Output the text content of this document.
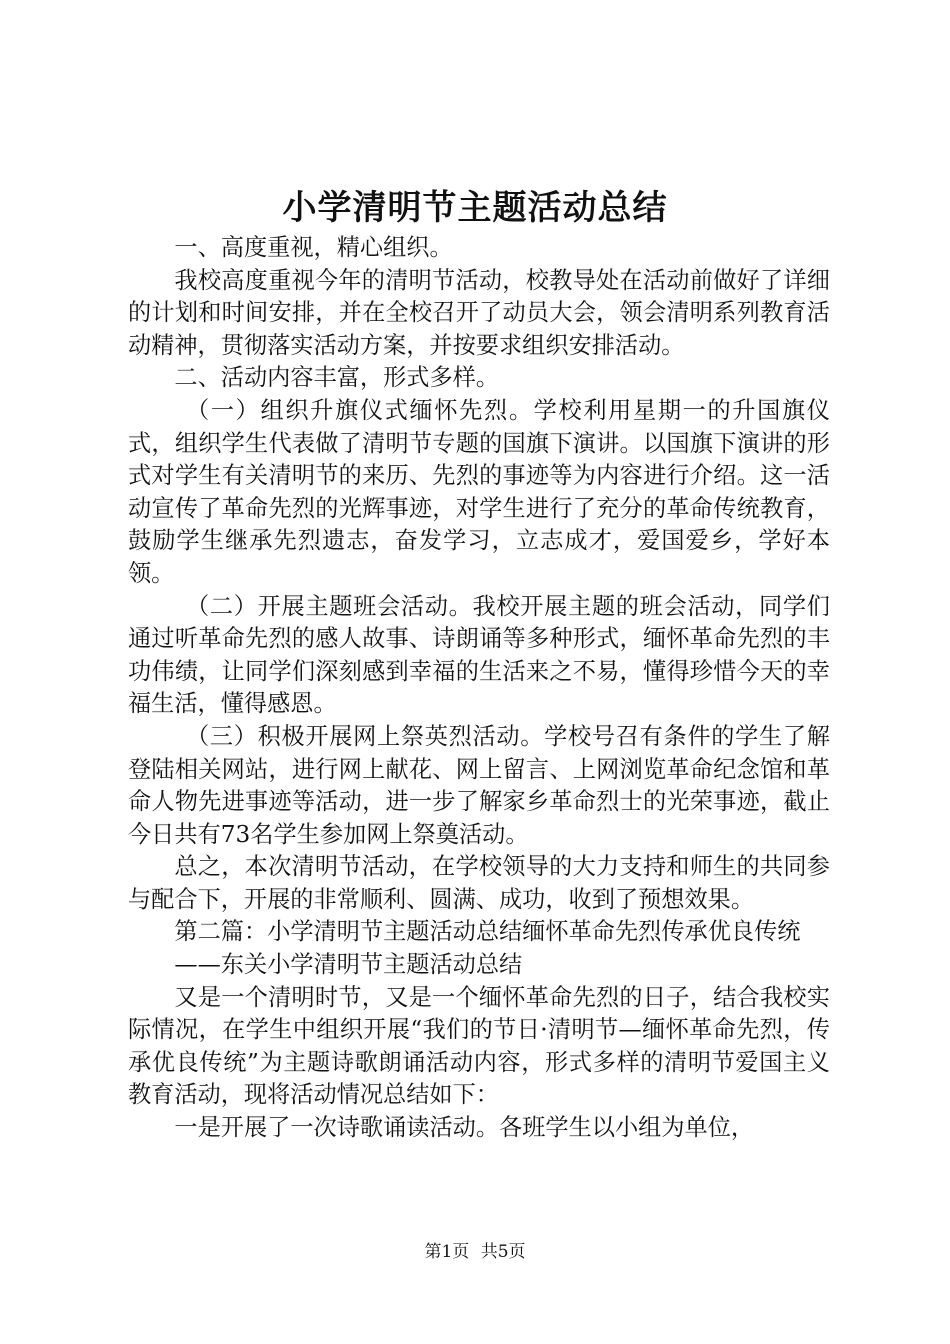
小学清明节主题活动总结

一、高度重视，精心组织。

我校高度重视今年的清明节活动，校教导处在活动前做好了详细的计划和时间安排，并在全校召开了动员大会，领会清明系列教育活动精神，贯彻落实活动方案，并按要求组织安排活动。

二、活动内容丰富，形式多样。

（一）组织升旗仪式缅怀先烈。学校利用星期一的升国旗仪式，组织学生代表做了清明节专题的国旗下演讲。以国旗下演讲的形式对学生有关清明节的来历、先烈的事迹等为内容进行介绍。这一活动宣传了革命先烈的光辉事迹，对学生进行了充分的革命传统教育，鼓励学生继承先烈遗志，奋发学习，立志成才，爱国爱乡，学好本领。

（二）开展主题班会活动。我校开展主题的班会活动，同学们通过听革命先烈的感人故事、诗朗诵等多种形式，缅怀革命先烈的丰功伟绩，让同学们深刻感到幸福的生活来之不易，懂得珍惜今天的幸福生活，懂得感恩。

（三）积极开展网上祭英烈活动。学校号召有条件的学生了解登陆相关网站，进行网上献花、网上留言、上网浏览革命纪念馆和革命人物先进事迹等活动，进一步了解家乡革命烈士的光荣事迹，截止今日共有73名学生参加网上祭奠活动。

总之，本次清明节活动，在学校领导的大力支持和师生的共同参与配合下，开展的非常顺利、圆满、成功，收到了预想效果。

第二篇：小学清明节主题活动总结缅怀革命先烈传承优良传统

——东关小学清明节主题活动总结

又是一个清明时节，又是一个缅怀革命先烈的日子，结合我校实际情况，在学生中组织开展“我们的节日·清明节—缅怀革命先烈，传承优良传统”为主题诗歌朗诵活动内容，形式多样的清明节爱国主义教育活动，现将活动情况总结如下：

一是开展了一次诗歌诵读活动。各班学生以小组为单位，

第1页 共5页
